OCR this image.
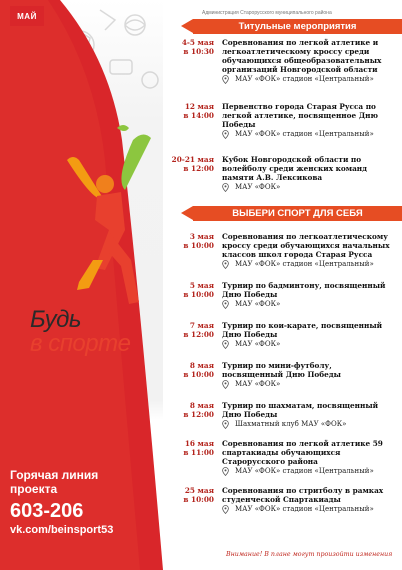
МАЙ
Будь
в спорте
Горячая линия проекта
603-206
vk.com/beinsport53
Администрация Старорусского муниципального района
Титульные мероприятия
4-5 мая
в 10:30
Соревнования по легкой атлетике и легкоатлетическому кроссу среди обучающихся общеобразовательных организаций Новгородской области
МАУ «ФОК» стадион «Центральный»
12 мая
в 14:00
Первенство города Старая Русса по легкой атлетике, посвященное Дню Победы
МАУ «ФОК» стадион «Центральный»
20-21 мая
в 12:00
Кубок Новгородской области по волейболу среди женских команд памяти А.В. Лексикова
МАУ «ФОК»
ВЫБЕРИ СПОРТ ДЛЯ СЕБЯ
3 мая
в 10:00
Соревнования по легкоатлетическому кроссу среди обучающихся начальных классов школ города Старая Русса
МАУ «ФОК» стадион «Центральный»
5 мая
в 10:00
Турнир по бадминтону, посвященный Дню Победы
МАУ «ФОК»
7 мая
в 12:00
Турнир по кои-карате, посвященный Дню Победы
МАУ «ФОК»
8 мая
в 10:00
Турнир по мини-футболу, посвященный Дню Победы
МАУ «ФОК»
8 мая
в 12:00
Турнир по шахматам, посвященный Дню Победы
Шахматный клуб МАУ «ФОК»
16 мая
в 11:00
Соревнования по легкой атлетике 59 спартакиады обучающихся Старорусского района
МАУ «ФОК» стадион «Центральный»
25 мая
в 10:00
Соревнования по стритболу в рамках студенческой Спартакиады
МАУ «ФОК» стадион «Центральный»
Внимание! В плане могут произойти изменения
